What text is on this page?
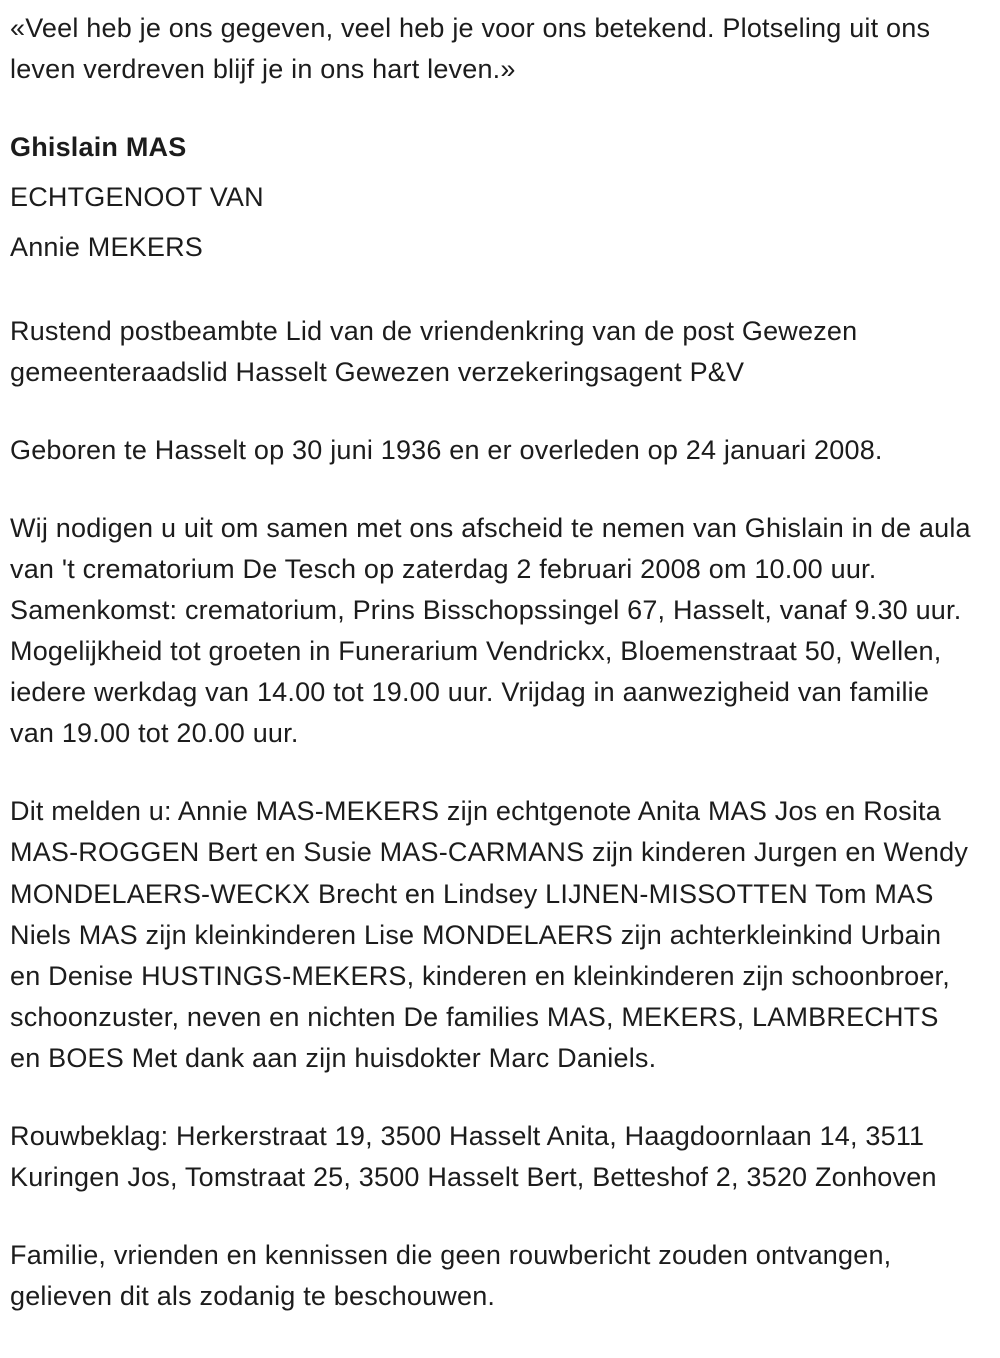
«Veel heb je ons gegeven, veel heb je voor ons betekend. Plotseling uit ons leven verdreven blijf je in ons hart leven.»

Ghislain MAS

ECHTGENOOT VAN

Annie MEKERS

Rustend postbeambte Lid van de vriendenkring van de post Gewezen gemeenteraadslid Hasselt Gewezen verzekeringsagent P&V

Geboren te Hasselt op 30 juni 1936 en er overleden op 24 januari 2008.

Wij nodigen u uit om samen met ons afscheid te nemen van Ghislain in de aula van 't crematorium De Tesch op zaterdag 2 februari 2008 om 10.00 uur. Samenkomst: crematorium, Prins Bisschopssingel 67, Hasselt, vanaf 9.30 uur. Mogelijkheid tot groeten in Funerarium Vendrickx, Bloemenstraat 50, Wellen, iedere werkdag van 14.00 tot 19.00 uur. Vrijdag in aanwezigheid van familie van 19.00 tot 20.00 uur.

Dit melden u: Annie MAS-MEKERS zijn echtgenote Anita MAS Jos en Rosita MAS-ROGGEN Bert en Susie MAS-CARMANS zijn kinderen Jurgen en Wendy MONDELAERS-WECKX Brecht en Lindsey LIJNEN-MISSOTTEN Tom MAS Niels MAS zijn kleinkinderen Lise MONDELAERS zijn achterkleinkind Urbain en Denise HUSTINGS-MEKERS, kinderen en kleinkinderen zijn schoonbroer, schoonzuster, neven en nichten De families MAS, MEKERS, LAMBRECHTS en BOES Met dank aan zijn huisdokter Marc Daniels.

Rouwbeklag: Herkerstraat 19, 3500 Hasselt Anita, Haagdoornlaan 14, 3511 Kuringen Jos, Tomstraat 25, 3500 Hasselt Bert, Betteshof 2, 3520 Zonhoven

Familie, vrienden en kennissen die geen rouwbericht zouden ontvangen, gelieven dit als zodanig te beschouwen.
